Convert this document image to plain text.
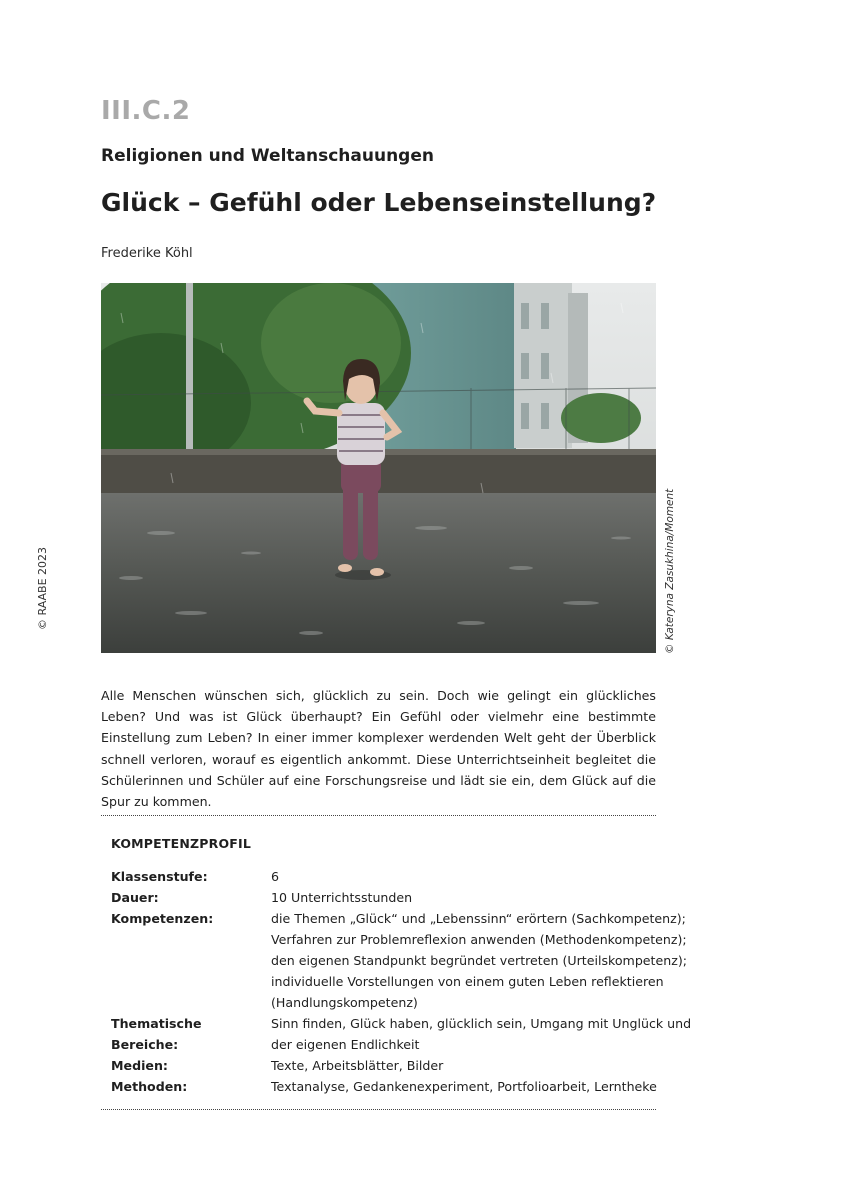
III.C.2
Religionen und Weltanschauungen
Glück – Gefühl oder Lebenseinstellung?
Frederike Köhl
© RAABE 2023	© Kateryna Zasukhina/Moment

Alle Menschen wünschen sich, glücklich zu sein. Doch wie gelingt ein glückliches Leben? Und was ist Glück überhaupt? Ein Gefühl oder vielmehr eine bestimmte Einstellung zum Leben? In einer immer komplexer werdenden Welt geht der Überblick schnell verloren, worauf es eigentlich ankommt. Diese Unterrichtseinheit begleitet die Schülerinnen und Schüler auf eine Forschungsreise und lädt sie ein, dem Glück auf die Spur zu kommen.

KOMPETENZPROFIL
Klassenstufe:	6
Dauer:	10 Unterrichtsstunden
Kompetenzen:	die Themen „Glück“ und „Lebenssinn“ erörtern (Sachkompetenz);
Verfahren zur Problemreflexion anwenden (Methodenkompetenz);
den eigenen Standpunkt begründet vertreten (Urteilskompetenz);
individuelle Vorstellungen von einem guten Leben reflektieren
(Handlungskompetenz)
Thematische Bereiche:
Sinn finden, Glück haben, glücklich sein, Umgang mit Unglück und
der eigenen Endlichkeit
Medien:	Texte, Arbeitsblätter, Bilder
Methoden:	Textanalyse, Gedankenexperiment, Portfolioarbeit, Lerntheke
